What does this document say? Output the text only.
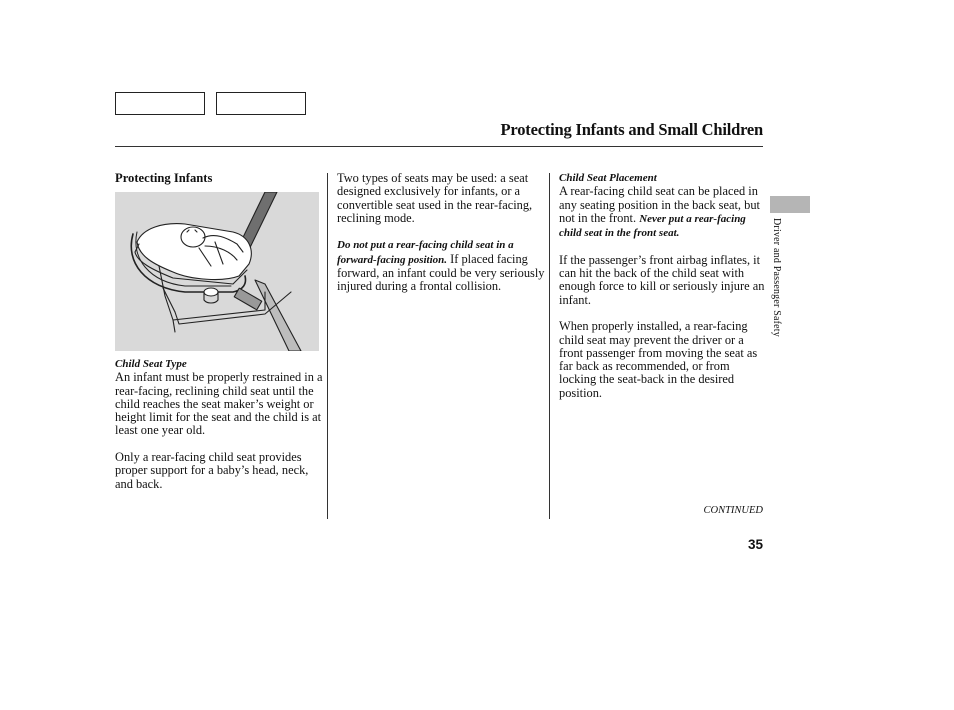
Protecting Infants and Small Children
Protecting Infants
Child Seat Type

An infant must be properly restrained in a rear-facing, reclining child seat until the child reaches the seat maker’s weight or height limit for the seat and the child is at least one year old.

Only a rear-facing child seat provides proper support for a baby’s head, neck, and back.

Two types of seats may be used: a seat designed exclusively for infants, or a convertible seat used in the rear-facing, reclining mode.

Do not put a rear-facing child seat in a forward-facing position. If placed facing forward, an infant could be very seriously injured during a frontal collision.

Child Seat Placement

A rear-facing child seat can be placed in any seating position in the back seat, but not in the front. Never put a rear-facing child seat in the front seat.

If the passenger’s front airbag inflates, it can hit the back of the child seat with enough force to kill or seriously injure an infant.

When properly installed, a rear-facing child seat may prevent the driver or a front passenger from moving the seat as far back as recommended, or from locking the seat-back in the desired position.

Driver and Passenger Safety
CONTINUED
35
